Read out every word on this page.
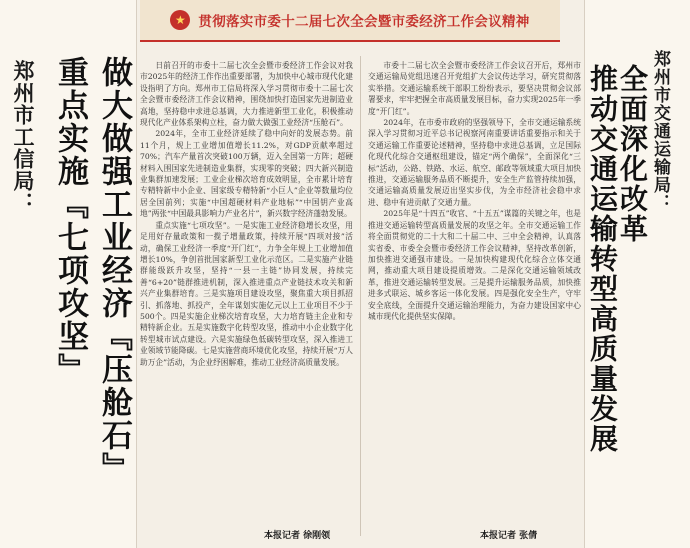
★ 贯彻落实市委十二届七次全会暨市委经济工作会议精神
郑州市工信局： 做大做强工业经济『压舱石』
重点实施『七项攻坚』	日前召开的市委十二届七次全会暨市委经济工作会议对我市2025年的经济工作作出重要部署，为加快中心城市现代化建设指明了方向。郑州市工信局将深入学习贯彻市委十二届七次全会暨市委经济工作会议精神，围绕加快打造国家先进制造业高地，坚持稳中求进总基调，大力推进新型工业化，积极推动现代化产业体系架构立柱，奋力做大做强工业经济“压舱石”。

2024年，全市工业经济延续了稳中向好的发展态势。前11个月，规上工业增加值增长11.2%，对GDP贡献率超过70%；汽车产量首次突破100万辆，迈入全国第一方阵；超硬材料入围国家先进制造业集群，实现零的突破；四大新兴制造业集群加速发展；工业企业梯次培育成效明显，全市累计培育专精特新中小企业、国家级专精特新“小巨人”企业等数量均位居全国前列；实施“中国超硬材料产业地标”“中国钥产业高地”两张“中国最具影响力产业名片”，新兴数字经济蓬勃发展。

重点实施“七项攻坚”。一是实施工业经济稳增长攻坚，用足用好存量政策和一揽子增量政策，持续开展“四项对接”活动，确保工业经济一季度“开门红”，力争全年规上工业增加值增长10%，争创首批国家新型工业化示范区。二是实施产业链群能级跃升攻坚，坚持“一县一主链”协同发展，持续完善“6+20”链群推进机制，深入推进重点产业链技术攻关和新兴产业集群培育。三是实施项目建设攻坚，聚焦重大项目抓招引、抓落地、抓投产，全年谋划实施亿元以上工业项目不少于500个。四是实施企业梯次培育攻坚，大力培育链主企业和专精特新企业。五是实施数字化转型攻坚，推动中小企业数字化转型城市试点建设。六是实施绿色低碳转型攻坚，深入推进工业领域节能降碳。七是实施营商环境优化攻坚，持续开展“万人助万企”活动，为企业纾困解难，推动工业经济高质量发展。

本报记者 徐刚领

市委十二届七次全会暨市委经济工作会议召开后，郑州市交通运输局党组迅速召开党组扩大会议传达学习，研究贯彻落实举措。交通运输系统干部职工纷纷表示，要坚决贯彻会议部署要求，牢牢把握全市高质量发展目标，奋力实现2025年一季度“开门红”。

2024年，在市委市政府的坚强领导下，全市交通运输系统深入学习贯彻习近平总书记视察河南重要讲话重要指示和关于交通运输工作重要论述精神，坚持稳中求进总基调，立足国际化现代化综合交通枢纽建设，锚定“两个确保”，全面深化“三标”活动，公路、铁路、水运、航空、邮政等领域重大项目加快推进，交通运输服务品质不断提升，安全生产监管持续加强，交通运输高质量发展迈出坚实步伐，为全市经济社会稳中求进、稳中有进贡献了交通力量。

2025年是“十四五”收官、“十五五”谋篇的关键之年，也是推进交通运输转型高质量发展的攻坚之年。全市交通运输工作将全面贯彻党的二十大和二十届二中、三中全会精神，认真落实省委、市委全会暨市委经济工作会议精神，坚持改革创新，加快推进交通强市建设。一是加快构建现代化综合立体交通网，推动重大项目建设提质增效。二是深化交通运输领域改革，推进交通运输转型发展。三是提升运输服务品质，加快推进多式联运、城乡客运一体化发展。四是强化安全生产，守牢安全底线，全面提升交通运输治理能力，为奋力建设国家中心城市现代化提供坚实保障。

本报记者 张倩
郑州市交通运输局：
全面深化改革
推动交通运输转型高质量发展
